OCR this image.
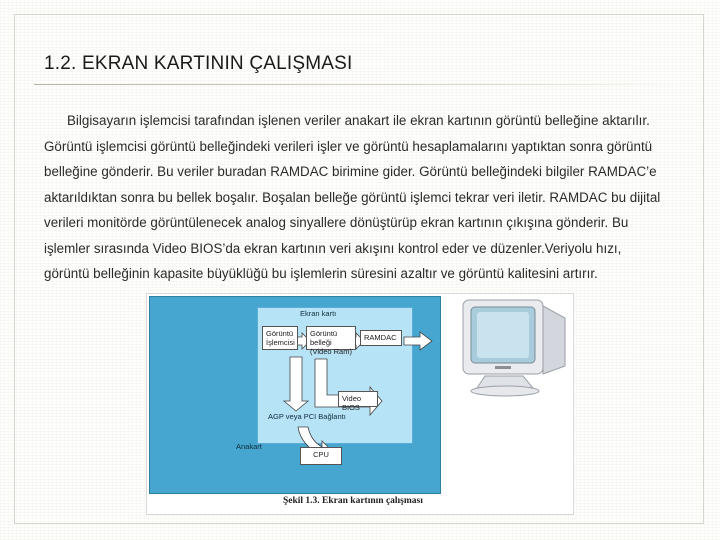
1.2. EKRAN KARTININ ÇALIŞMASI
Bilgisayarın işlemcisi tarafından işlenen veriler anakart ile ekran kartının görüntü belleğine aktarılır.
Görüntü işlemcisi görüntü belleğindeki verileri işler ve görüntü hesaplamalarını yaptıktan sonra görüntü
belleğine gönderir. Bu veriler buradan RAMDAC birimine gider. Görüntü belleğindeki bilgiler RAMDAC’e
aktarıldıktan sonra bu bellek boşalır. Boşalan belleğe görüntü işlemci tekrar veri iletir. RAMDAC bu dijital
verileri monitörde görüntülenecek analog sinyallere dönüştürüp ekran kartının çıkışına gönderir. Bu
işlemler sırasında Video BIOS’da ekran kartının veri akışını kontrol eder ve düzenler.Veriyolu hızı,
görüntü belleğinin kapasite büyüklüğü bu işlemlerin süresini azaltır ve görüntü kalitesini artırır.
Ekran kartı
Görüntü İşlemcisi
Görüntü belleği (Video Ram)
RAMDAC
Video BIOS
AGP veya PCI Bağlantı
Anakart
CPU
Şekil 1.3. Ekran kartının çalışması
